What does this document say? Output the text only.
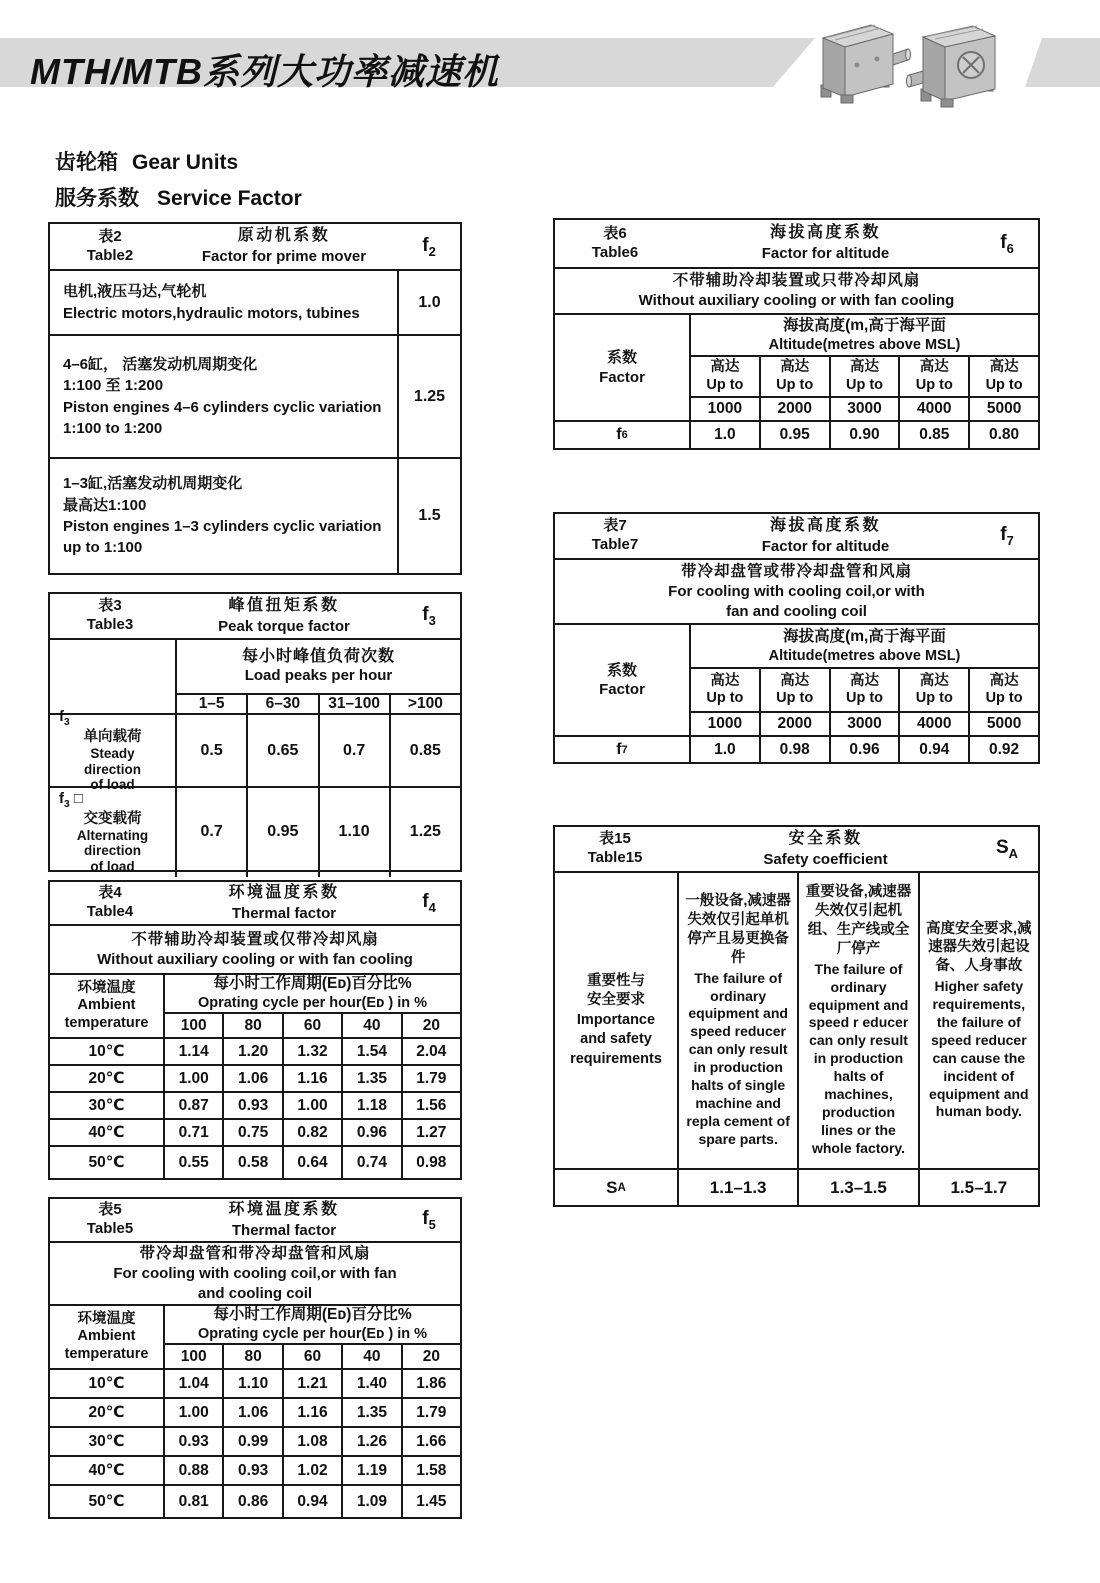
MTH/MTB系列大功率减速机
齿轮箱 Gear Units
服务系数 Service Factor
表2
Table2
原动机系数
Factor for prime mover
$f_2$
电机,液压马达,气轮机
Electric motors,hydraulic motors, tubines
1.0
4–6缸， 活塞发动机周期变化
1:100 至 1:200
Piston engines 4–6 cylinders cyclic variation
1:100 to 1:200
1.25
1–3缸,活塞发动机周期变化
最高达1:100
Piston engines 1–3 cylinders cyclic variation
up to 1:100
1.5
表3
Table3
峰值扭矩系数
Peak torque factor
$f_3$
每小时峰值负荷次数
Load peaks per hour
1–5	6–30	31–100	>100
$f_3$
单向载荷
Steady
direction
of load
0.5	0.65	0.7	0.85
$f_3$ □
交变载荷
Alternating
direction
of load
0.7	0.95	1.10	1.25
表4
Table4
环境温度系数
Thermal factor
$f_4$
不带辅助冷却装置或仅带冷却风扇
Without auxiliary cooling or with fan cooling
环境温度
Ambient
temperature
每小时工作周期(Eᴅ)百分比%
Oprating cycle per hour(Eᴅ ) in %
100	80	60	40	20
10℃	1.14	1.20	1.32	1.54	2.04
20℃	1.00	1.06	1.16	1.35	1.79
30℃	0.87	0.93	1.00	1.18	1.56
40℃	0.71	0.75	0.82	0.96	1.27
50℃	0.55	0.58	0.64	0.74	0.98
表5
Table5
环境温度系数
Thermal factor
$f_5$
带冷却盘管和带冷却盘管和风扇
For cooling with cooling coil,or with fan
and cooling coil
环境温度
Ambient
temperature
每小时工作周期(Eᴅ)百分比%
Oprating cycle per hour(Eᴅ ) in %
100	80	60	40	20
10℃	1.04	1.10	1.21	1.40	1.86
20℃	1.00	1.06	1.16	1.35	1.79
30℃	0.93	0.99	1.08	1.26	1.66
40℃	0.88	0.93	1.02	1.19	1.58
50℃	0.81	0.86	0.94	1.09	1.45
表6
Table6
海拔高度系数
Factor for altitude
$f_6$
不带辅助冷却装置或只带冷却风扇
Without auxiliary cooling or with fan cooling
系数
Factor
海拔高度(m,高于海平面
Altitude(metres above MSL)
高达
Up to
高达
Up to
高达
Up to
高达
Up to
高达
Up to
1000	2000	3000	4000	5000
f 6	1.0	0.95	0.90	0.85	0.80
表7
Table7
海拔高度系数
Factor for altitude
$f_7$
带冷却盘管或带冷却盘管和风扇
For cooling with cooling coil,or with
fan and cooling coil
系数
Factor
海拔高度(m,高于海平面
Altitude(metres above MSL)
高达
Up to
高达
Up to
高达
Up to
高达
Up to
高达
Up to
1000	2000	3000	4000	5000
f 7	1.0	0.98	0.96	0.94	0.92
表15
Table15
安全系数
Safety coefficient
$S_A$
重要性与
安全要求
Importance
and safety
requirements
一般设备,减速器失效仅引起单机停产且易更换备件
The failure of ordinary equipment and speed reducer can only result in production halts of single machine and repla cement of spare parts.
重要设备,减速器失效仅引起机组、生产线或全厂停产
The failure of ordinary equipment and speed r educer can only result in production halts of machines, production lines or the whole factory.
高度安全要求,减速器失效引起设备、人身事故
Higher safety requirements, the failure of speed reducer can cause the incident of equipment and human body.
S A	1.1–1.3	1.3–1.5	1.5–1.7
